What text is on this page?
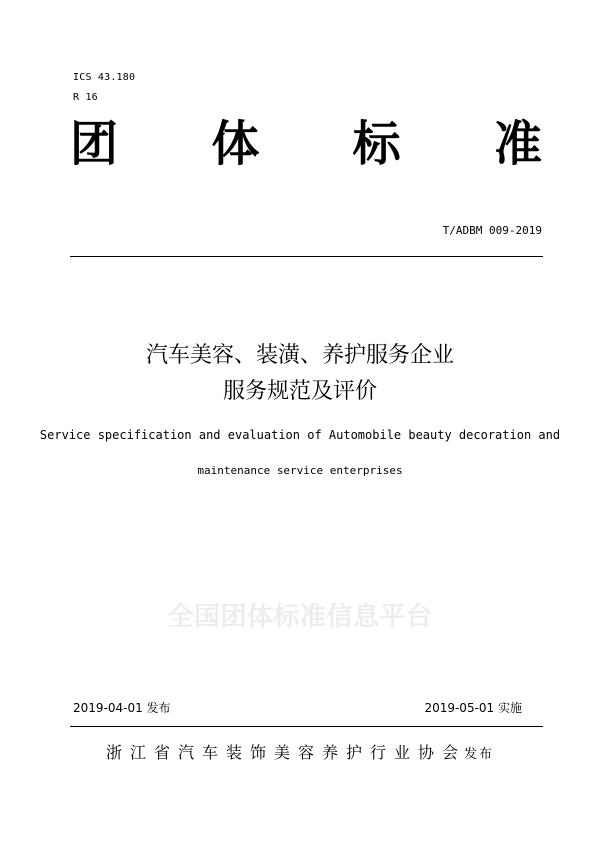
ICS 43.180
R 16
团 体 标 准
T/ADBM 009-2019
汽车美容、装潢、养护服务企业
服务规范及评价
Service specification and evaluation of Automobile beauty decoration and
maintenance service enterprises
全国团体标准信息平台
2019-04-01 发布	2019-05-01 实施
浙江省汽车装饰美容养护行业协会发布
